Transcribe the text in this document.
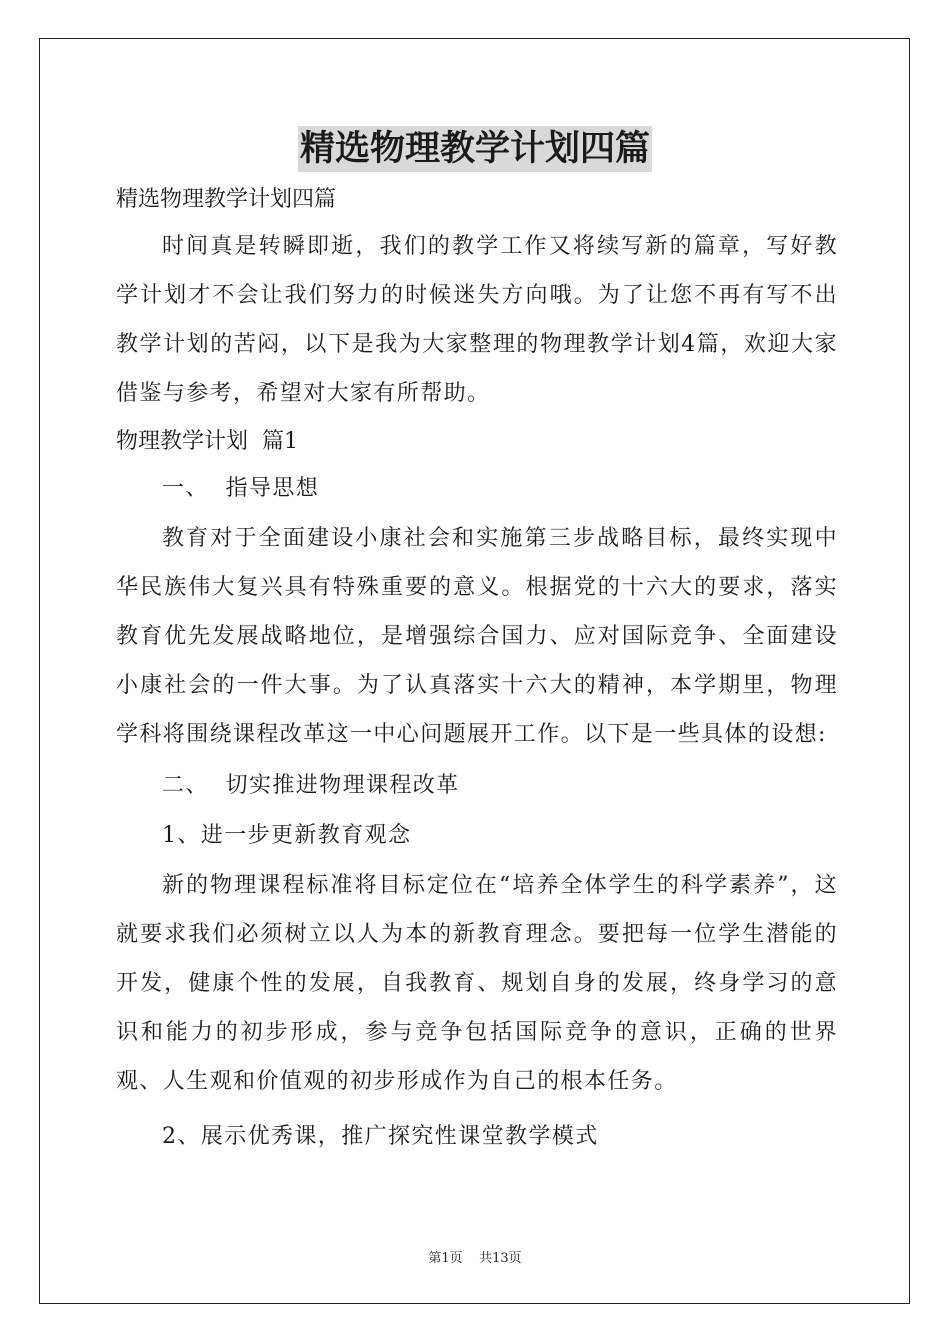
精选物理教学计划四篇

精选物理教学计划四篇

时间真是转瞬即逝，我们的教学工作又将续写新的篇章，写好教学计划才不会让我们努力的时候迷失方向哦。为了让您不再有写不出教学计划的苦闷，以下是我为大家整理的物理教学计划4篇，欢迎大家借鉴与参考，希望对大家有所帮助。

物理教学计划  篇1

一、  指导思想

教育对于全面建设小康社会和实施第三步战略目标，最终实现中华民族伟大复兴具有特殊重要的意义。根据党的十六大的要求，落实教育优先发展战略地位，是增强综合国力、应对国际竞争、全面建设小康社会的一件大事。为了认真落实十六大的精神，本学期里，物理学科将围绕课程改革这一中心问题展开工作。以下是一些具体的设想:

二、  切实推进物理课程改革

1、进一步更新教育观念

新的物理课程标准将目标定位在“培养全体学生的科学素养”，这就要求我们必须树立以人为本的新教育理念。要把每一位学生潜能的开发，健康个性的发展，自我教育、规划自身的发展，终身学习的意识和能力的初步形成，参与竞争包括国际竞争的意识，正确的世界观、人生观和价值观的初步形成作为自己的根本任务。

2、展示优秀课，推广探究性课堂教学模式

第1页    共13页
